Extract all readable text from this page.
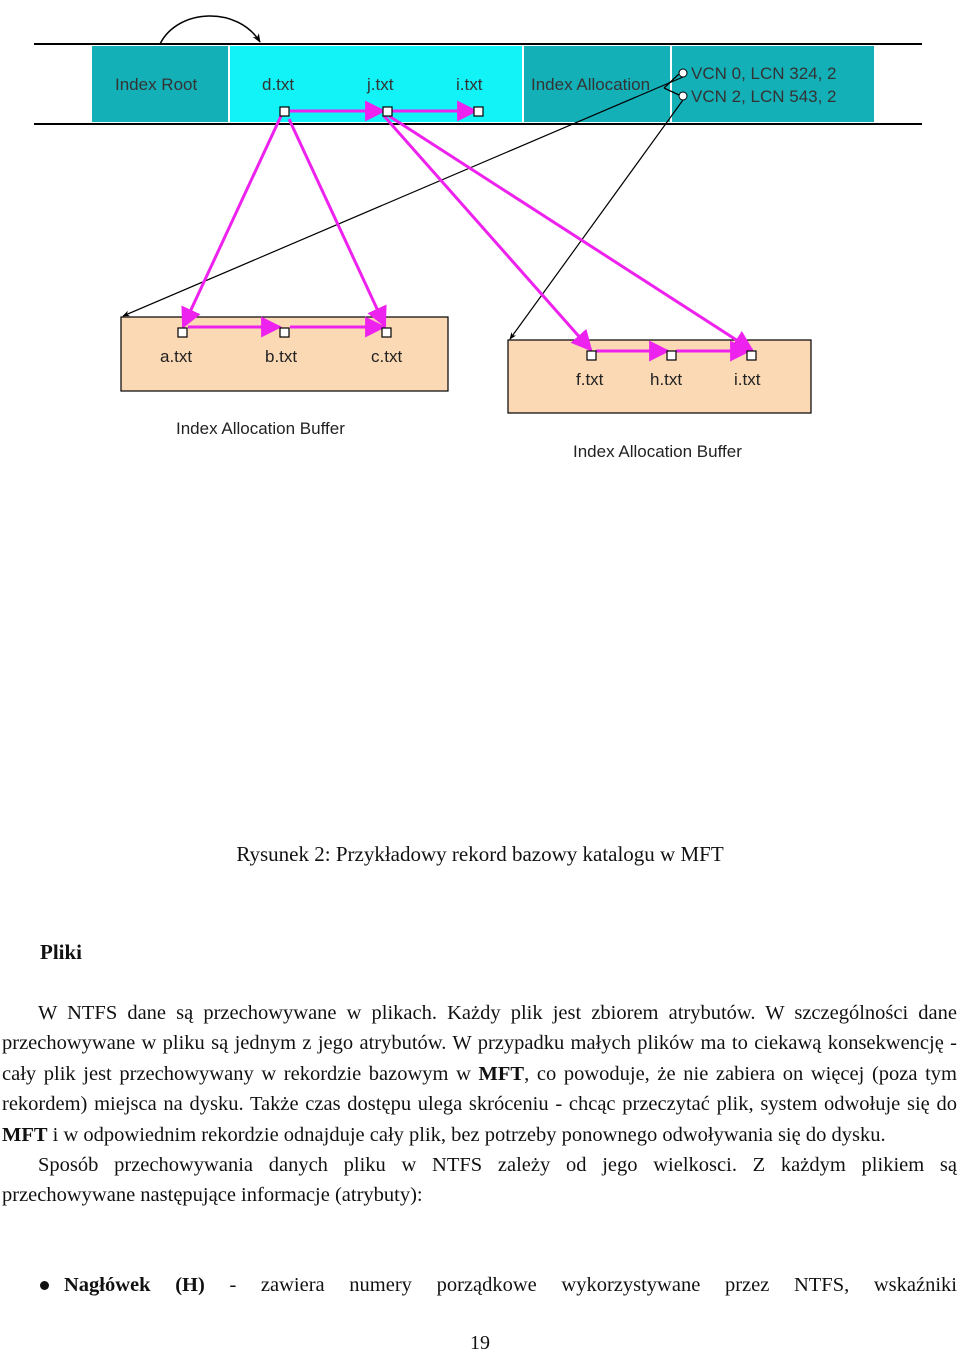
Index Root	d.txt	j.txt	i.txt	Index Allocation
VCN 0, LCN 324, 2
VCN 2, LCN 543, 2
a.txt	b.txt	c.txt
f.txt	h.txt	i.txt
Index Allocation Buffer
Index Allocation Buffer
Rysunek 2: Przykładowy rekord bazowy katalogu w MFT
Pliki

W NTFS dane są przechowywane w plikach. Każdy plik jest zbiorem atrybutów. W szczególności dane przechowywane w pliku są jednym z jego atrybutów. W przypadku małych plików ma to ciekawą konsekwencję - cały plik jest przechowywany w rekordzie bazowym w MFT, co powoduje, że nie zabiera on więcej (poza tym rekordem) miejsca na dysku. Także czas dostępu ulega skróceniu - chcąc przeczytać plik, system odwołuje się do MFT i w odpowiednim rekordzie odnajduje cały plik, bez potrzeby ponownego odwoływania się do dysku.

Sposób przechowywania danych pliku w NTFS zależy od jego wielkosci. Z każdym plikiem są przechowywane następujące informacje (atrybuty):

Nagłówek (H) - zawiera numery porządkowe wykorzystywane przez NTFS, wskaźniki
19
